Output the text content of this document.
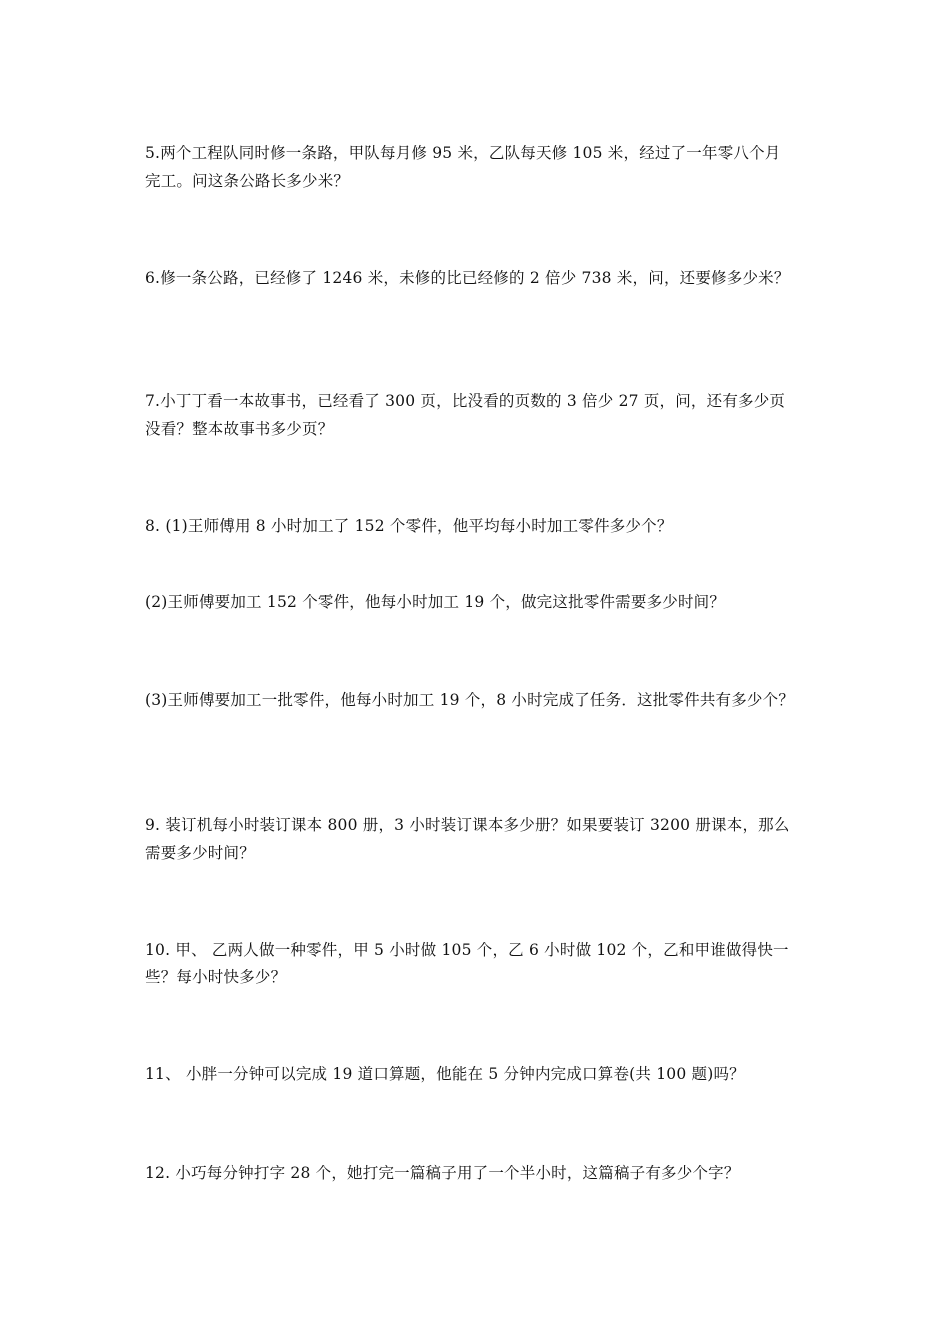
5.两个工程队同时修一条路，甲队每月修 95 米，乙队每天修 105 米，经过了一年零八个月
完工。问这条公路长多少米？
6.修一条公路，已经修了 1246 米，未修的比已经修的 2 倍少 738 米，问，还要修多少米？
7.小丁丁看一本故事书，已经看了 300 页，比没看的页数的 3 倍少 27 页，问，还有多少页
没看？整本故事书多少页？
8. (1)王师傅用 8 小时加工了 152 个零件，他平均每小时加工零件多少个？
(2)王师傅要加工 152 个零件，他每小时加工 19 个，做完这批零件需要多少时间？
(3)王师傅要加工一批零件，他每小时加工 19 个，8 小时完成了任务．这批零件共有多少个？
9. 装订机每小时装订课本 800 册，3 小时装订课本多少册？如果要装订 3200 册课本，那么
需要多少时间？
10. 甲、 乙两人做一种零件，甲 5 小时做 105 个，乙 6 小时做 102 个，乙和甲谁做得快一
些？每小时快多少？
11、 小胖一分钟可以完成 19 道口算题，他能在 5 分钟内完成口算卷(共 100 题)吗？
12. 小巧每分钟打字 28 个，她打完一篇稿子用了一个半小时，这篇稿子有多少个字？
